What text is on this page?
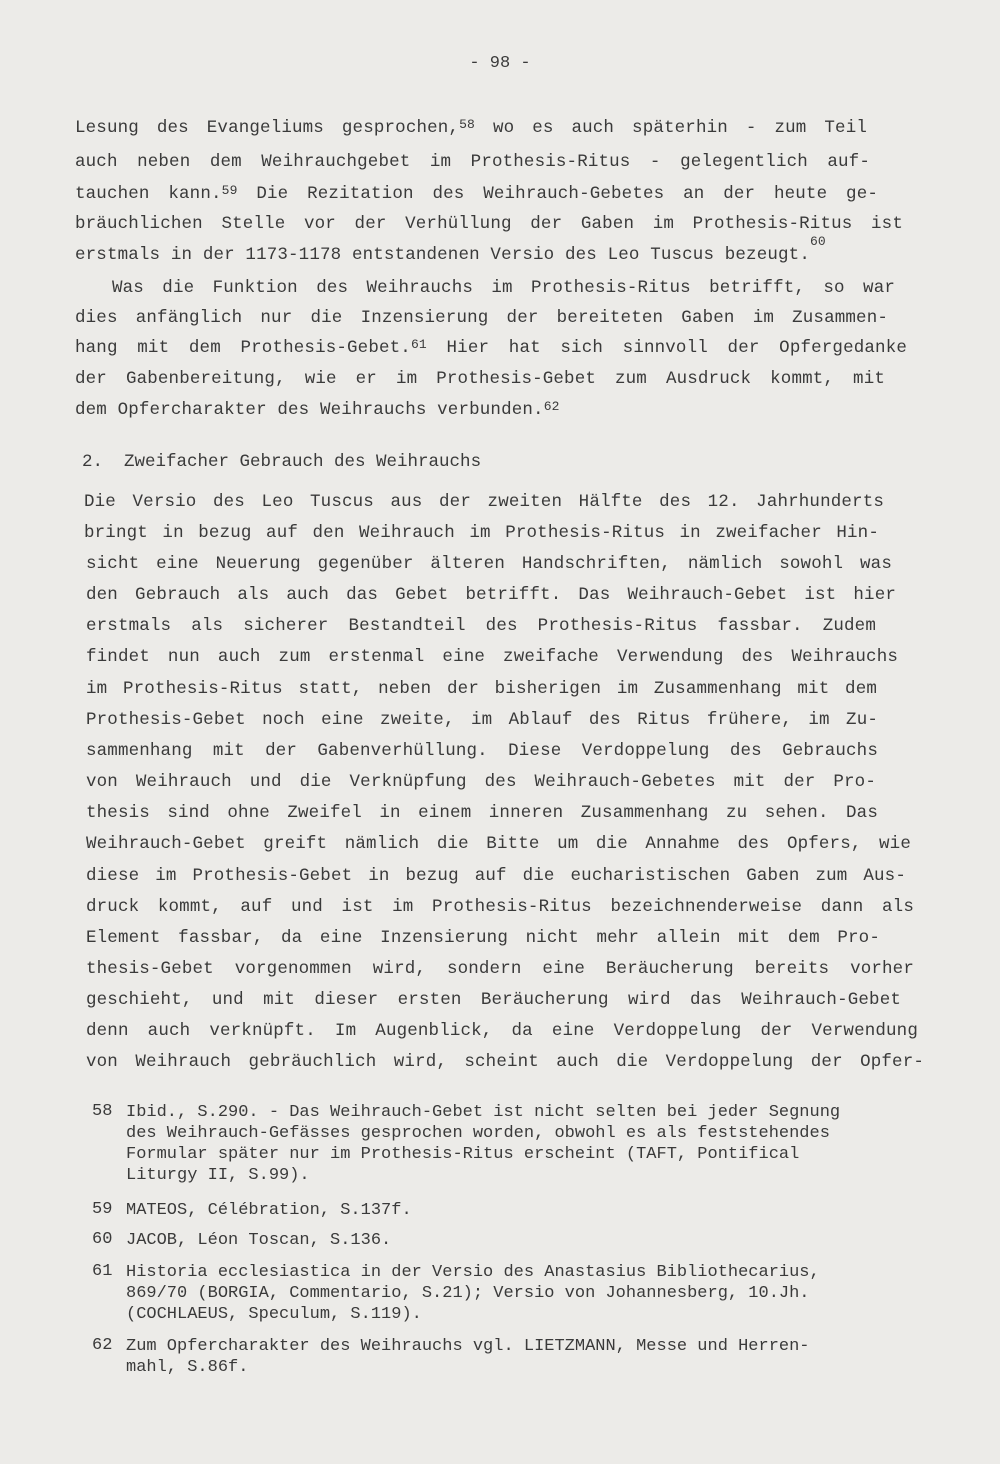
- 98 -
Lesung des Evangeliums gesprochen,$^{58}$ wo es auch späterhin - zum Teil
auch neben dem Weihrauchgebet im Prothesis-Ritus - gelegentlich auf-
tauchen kann.$^{59}$ Die Rezitation des Weihrauch-Gebetes an der heute ge-
bräuchlichen Stelle vor der Verhüllung der Gaben im Prothesis-Ritus ist
erstmals in der 1173-1178 entstandenen Versio des Leo Tuscus bezeugt.$^{60}$
Was die Funktion des Weihrauchs im Prothesis-Ritus betrifft, so war
dies anfänglich nur die Inzensierung der bereiteten Gaben im Zusammen-
hang mit dem Prothesis-Gebet.$^{61}$ Hier hat sich sinnvoll der Opfergedanke
der Gabenbereitung, wie er im Prothesis-Gebet zum Ausdruck kommt, mit
dem Opfercharakter des Weihrauchs verbunden.$^{62}$
2.  Zweifacher Gebrauch des Weihrauchs
Die Versio des Leo Tuscus aus der zweiten Hälfte des 12. Jahrhunderts
bringt in bezug auf den Weihrauch im Prothesis-Ritus in zweifacher Hin-
sicht eine Neuerung gegenüber älteren Handschriften, nämlich sowohl was
den Gebrauch als auch das Gebet betrifft. Das Weihrauch-Gebet ist hier
erstmals als sicherer Bestandteil des Prothesis-Ritus fassbar. Zudem
findet nun auch zum erstenmal eine zweifache Verwendung des Weihrauchs
im Prothesis-Ritus statt, neben der bisherigen im Zusammenhang mit dem
Prothesis-Gebet noch eine zweite, im Ablauf des Ritus frühere, im Zu-
sammenhang mit der Gabenverhüllung. Diese Verdoppelung des Gebrauchs
von Weihrauch und die Verknüpfung des Weihrauch-Gebetes mit der Pro-
thesis sind ohne Zweifel in einem inneren Zusammenhang zu sehen. Das
Weihrauch-Gebet greift nämlich die Bitte um die Annahme des Opfers, wie
diese im Prothesis-Gebet in bezug auf die eucharistischen Gaben zum Aus-
druck kommt, auf und ist im Prothesis-Ritus bezeichnenderweise dann als
Element fassbar, da eine Inzensierung nicht mehr allein mit dem Pro-
thesis-Gebet vorgenommen wird, sondern eine Beräucherung bereits vorher
geschieht, und mit dieser ersten Beräucherung wird das Weihrauch-Gebet
denn auch verknüpft. Im Augenblick, da eine Verdoppelung der Verwendung
von Weihrauch gebräuchlich wird, scheint auch die Verdoppelung der Opfer-
58 Ibid., S.290. - Das Weihrauch-Gebet ist nicht selten bei jeder Segnung
des Weihrauch-Gefässes gesprochen worden, obwohl es als feststehendes
Formular später nur im Prothesis-Ritus erscheint (TAFT, Pontifical
Liturgy II, S.99).
59 MATEOS, Célébration, S.137f.
60 JACOB, Léon Toscan, S.136.
61 Historia ecclesiastica in der Versio des Anastasius Bibliothecarius,
869/70 (BORGIA, Commentario, S.21); Versio von Johannesberg, 10.Jh.
(COCHLAEUS, Speculum, S.119).
62 Zum Opfercharakter des Weihrauchs vgl. LIETZMANN, Messe und Herren-
mahl, S.86f.
